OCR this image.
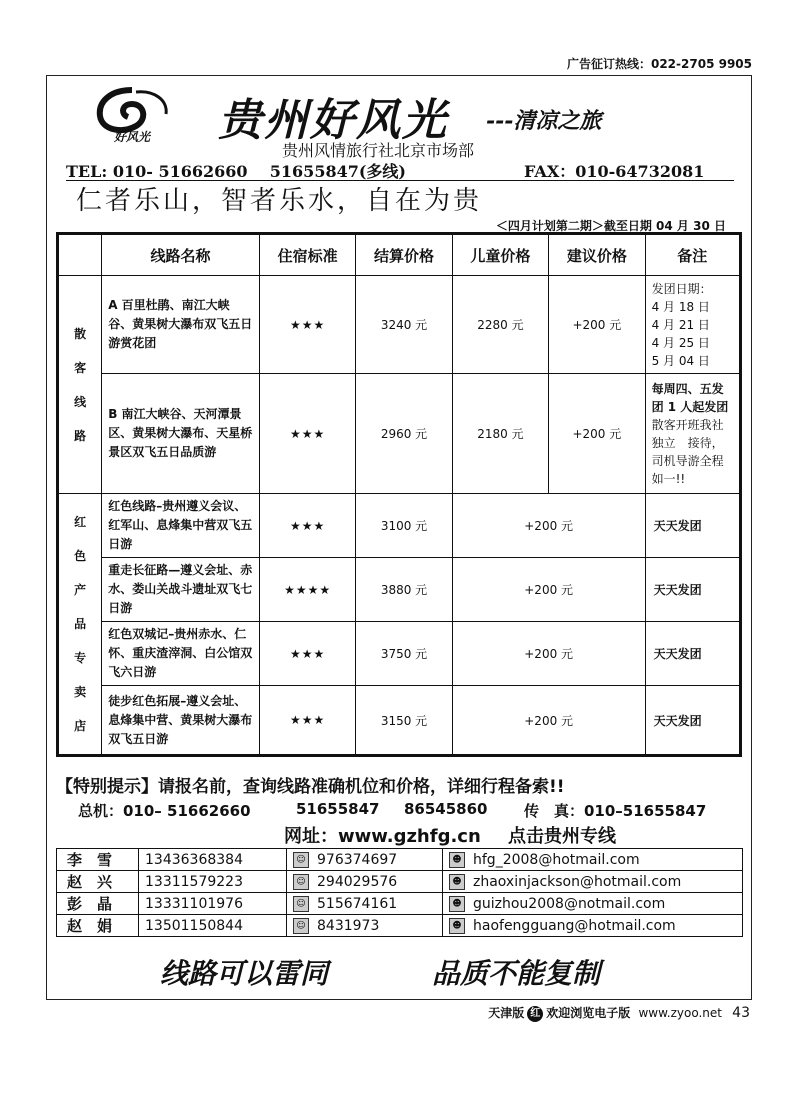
广告征订热线：022-2705 9905
好风光	贵州好风光 ---清凉之旅
贵州风情旅行社北京市场部
TEL: 010- 51662660    51655847(多线)	FAX：010-64732081
仁者乐山，智者乐水，自在为贵
＜四月计划第二期＞截至日期 04 月 30 日
	线路名称	住宿标准	结算价格	儿童价格	建议价格	备注

散客线路	A 百里杜鹃、南江大峡谷、黄果树大瀑布双飞五日游赏花团	★★★	3240 元	2280 元	+200 元	发团日期：
4 月 18 日
4 月 21 日
4 月 25 日
5 月 04 日

	B 南江大峡谷、天河潭景区、黄果树大瀑布、天星桥景区双飞五日品质游	★★★	2960 元	2180 元	+200 元	每周四、五发团 1 人起发团散客开班我社独立　接待，司机导游全程如一!!

红色产品专卖店	红色线路–贵州遵义会议、红军山、息烽集中营双飞五日游	★★★	3100 元	+200 元		天天发团
	重走长征路—遵义会址、赤水、娄山关战斗遗址双飞七日游	★★★★	3880 元	+200 元		天天发团
	红色双城记–贵州赤水、仁怀、重庆渣滓洞、白公馆双飞六日游	★★★	3750 元	+200 元		天天发团
	徒步红色拓展–遵义会址、息烽集中营、黄果树大瀑布双飞五日游	★★★	3150 元	+200 元		天天发团
【特别提示】请报名前，查询线路准确机位和价格，详细行程备索!!
总机：010– 51662660	51655847 86545860 传　真：010–51655847
网址：www.gzhfg.cn 点击贵州专线
李　雪	13436368384	☺ 976374697	☻ hfg_2008@hotmail.com
赵　兴	13311579223	☺ 294029576	☻ zhaoxinjackson@hotmail.com
彭　晶	13331101976	☺ 515674161	☻ guizhou2008@notmail.com
赵　娟	13501150844	☺ 8431973	☻ haofengguang@hotmail.com
线路可以雷同	品质不能复制
天津版 红 欢迎浏览电子版 www.zyoo.net 43
